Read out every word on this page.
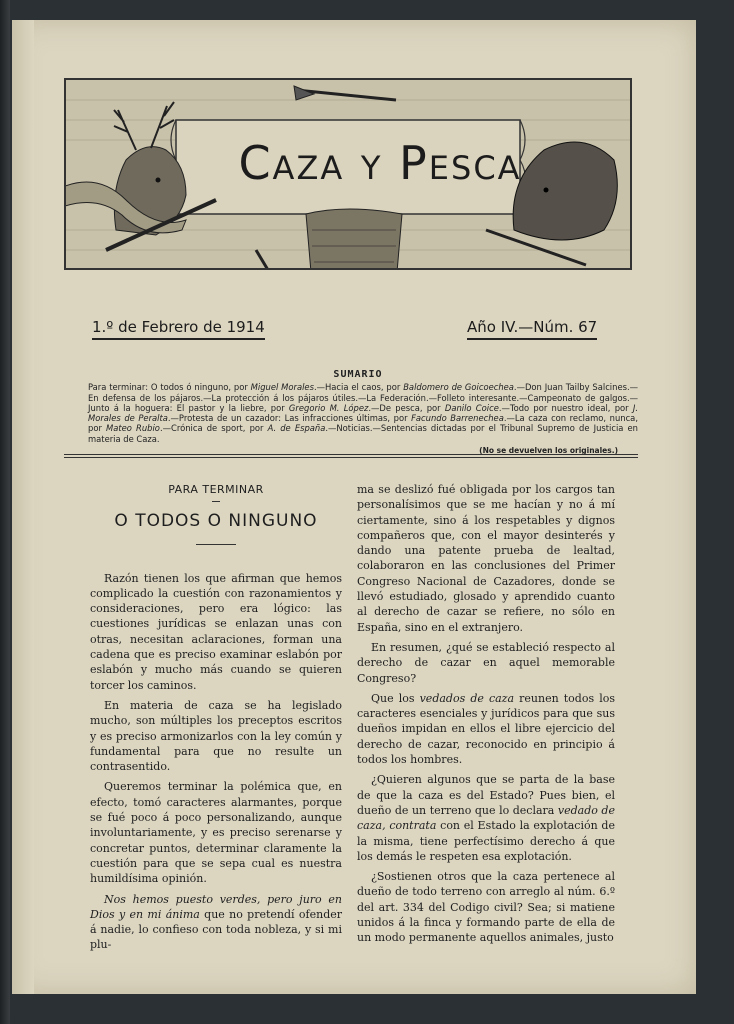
Caza y Pesca
1.º de Febrero de 1914	Año IV.—Núm. 67
SUMARIO
Para terminar: O todos ó ninguno, por Miguel Morales.—Hacia el caos, por Baldomero de Goicoechea.—Don Juan Tailby Salcines.—En defensa de los pájaros.—La protección á los pájaros útiles.—La Federación.—Folleto interesante.—Campeonato de galgos.—Junto á la hoguera: El pastor y la liebre, por Gregorio M. López.—De pesca, por Danilo Coice.—Todo por nuestro ideal, por J. Morales de Peralta.—Protesta de un cazador: Las infracciones últimas, por Facundo Barrenechea.—La caza con reclamo, nunca, por Mateo Rubio.—Crónica de sport, por A. de España.—Noticias.—Sentencias dictadas por el Tribunal Supremo de Justicia en materia de Caza.
(No se devuelven los originales.)
PARA TERMINAR
O TODOS O NINGUNO

Razón tienen los que afirman que hemos complicado la cuestión con razonamientos y consideraciones, pero era lógico: las cuestiones jurídicas se enlazan unas con otras, necesitan aclaraciones, forman una cadena que es preciso examinar eslabón por eslabón y mucho más cuando se quieren torcer los caminos.

En materia de caza se ha legislado mucho, son múltiples los preceptos escritos y es preciso armonizarlos con la ley común y fundamental para que no resulte un contrasentido.

Queremos terminar la polémica que, en efecto, tomó caracteres alarmantes, porque se fué poco á poco personalizando, aunque involuntariamente, y es preciso serenarse y concretar puntos, determinar claramente la cuestión para que se sepa cual es nuestra humildísima opinión.

Nos hemos puesto verdes, pero juro en Dios y en mi ánima que no pretendí ofender á nadie, lo confieso con toda nobleza, y si mi plu-

ma se deslizó fué obligada por los cargos tan personalísimos que se me hacían y no á mí ciertamente, sino á los respetables y dignos compañeros que, con el mayor desinterés y dando una patente prueba de lealtad, colaboraron en las conclusiones del Primer Congreso Nacional de Cazadores, donde se llevó estudiado, glosado y aprendido cuanto al derecho de cazar se refiere, no sólo en España, sino en el extranjero.

En resumen, ¿qué se estableció respecto al derecho de cazar en aquel memorable Congreso?

Que los vedados de caza reunen todos los caracteres esenciales y jurídicos para que sus dueños impidan en ellos el libre ejercicio del derecho de cazar, reconocido en principio á todos los hombres.

¿Quieren algunos que se parta de la base de que la caza es del Estado? Pues bien, el dueño de un terreno que lo declara vedado de caza, contrata con el Estado la explotación de la misma, tiene perfectísimo derecho á que los demás le respeten esa explotación.

¿Sostienen otros que la caza pertenece al dueño de todo terreno con arreglo al núm. 6.º del art. 334 del Codigo civil? Sea; si matiene unidos á la finca y formando parte de ella de un modo permanente aquellos animales, justo
